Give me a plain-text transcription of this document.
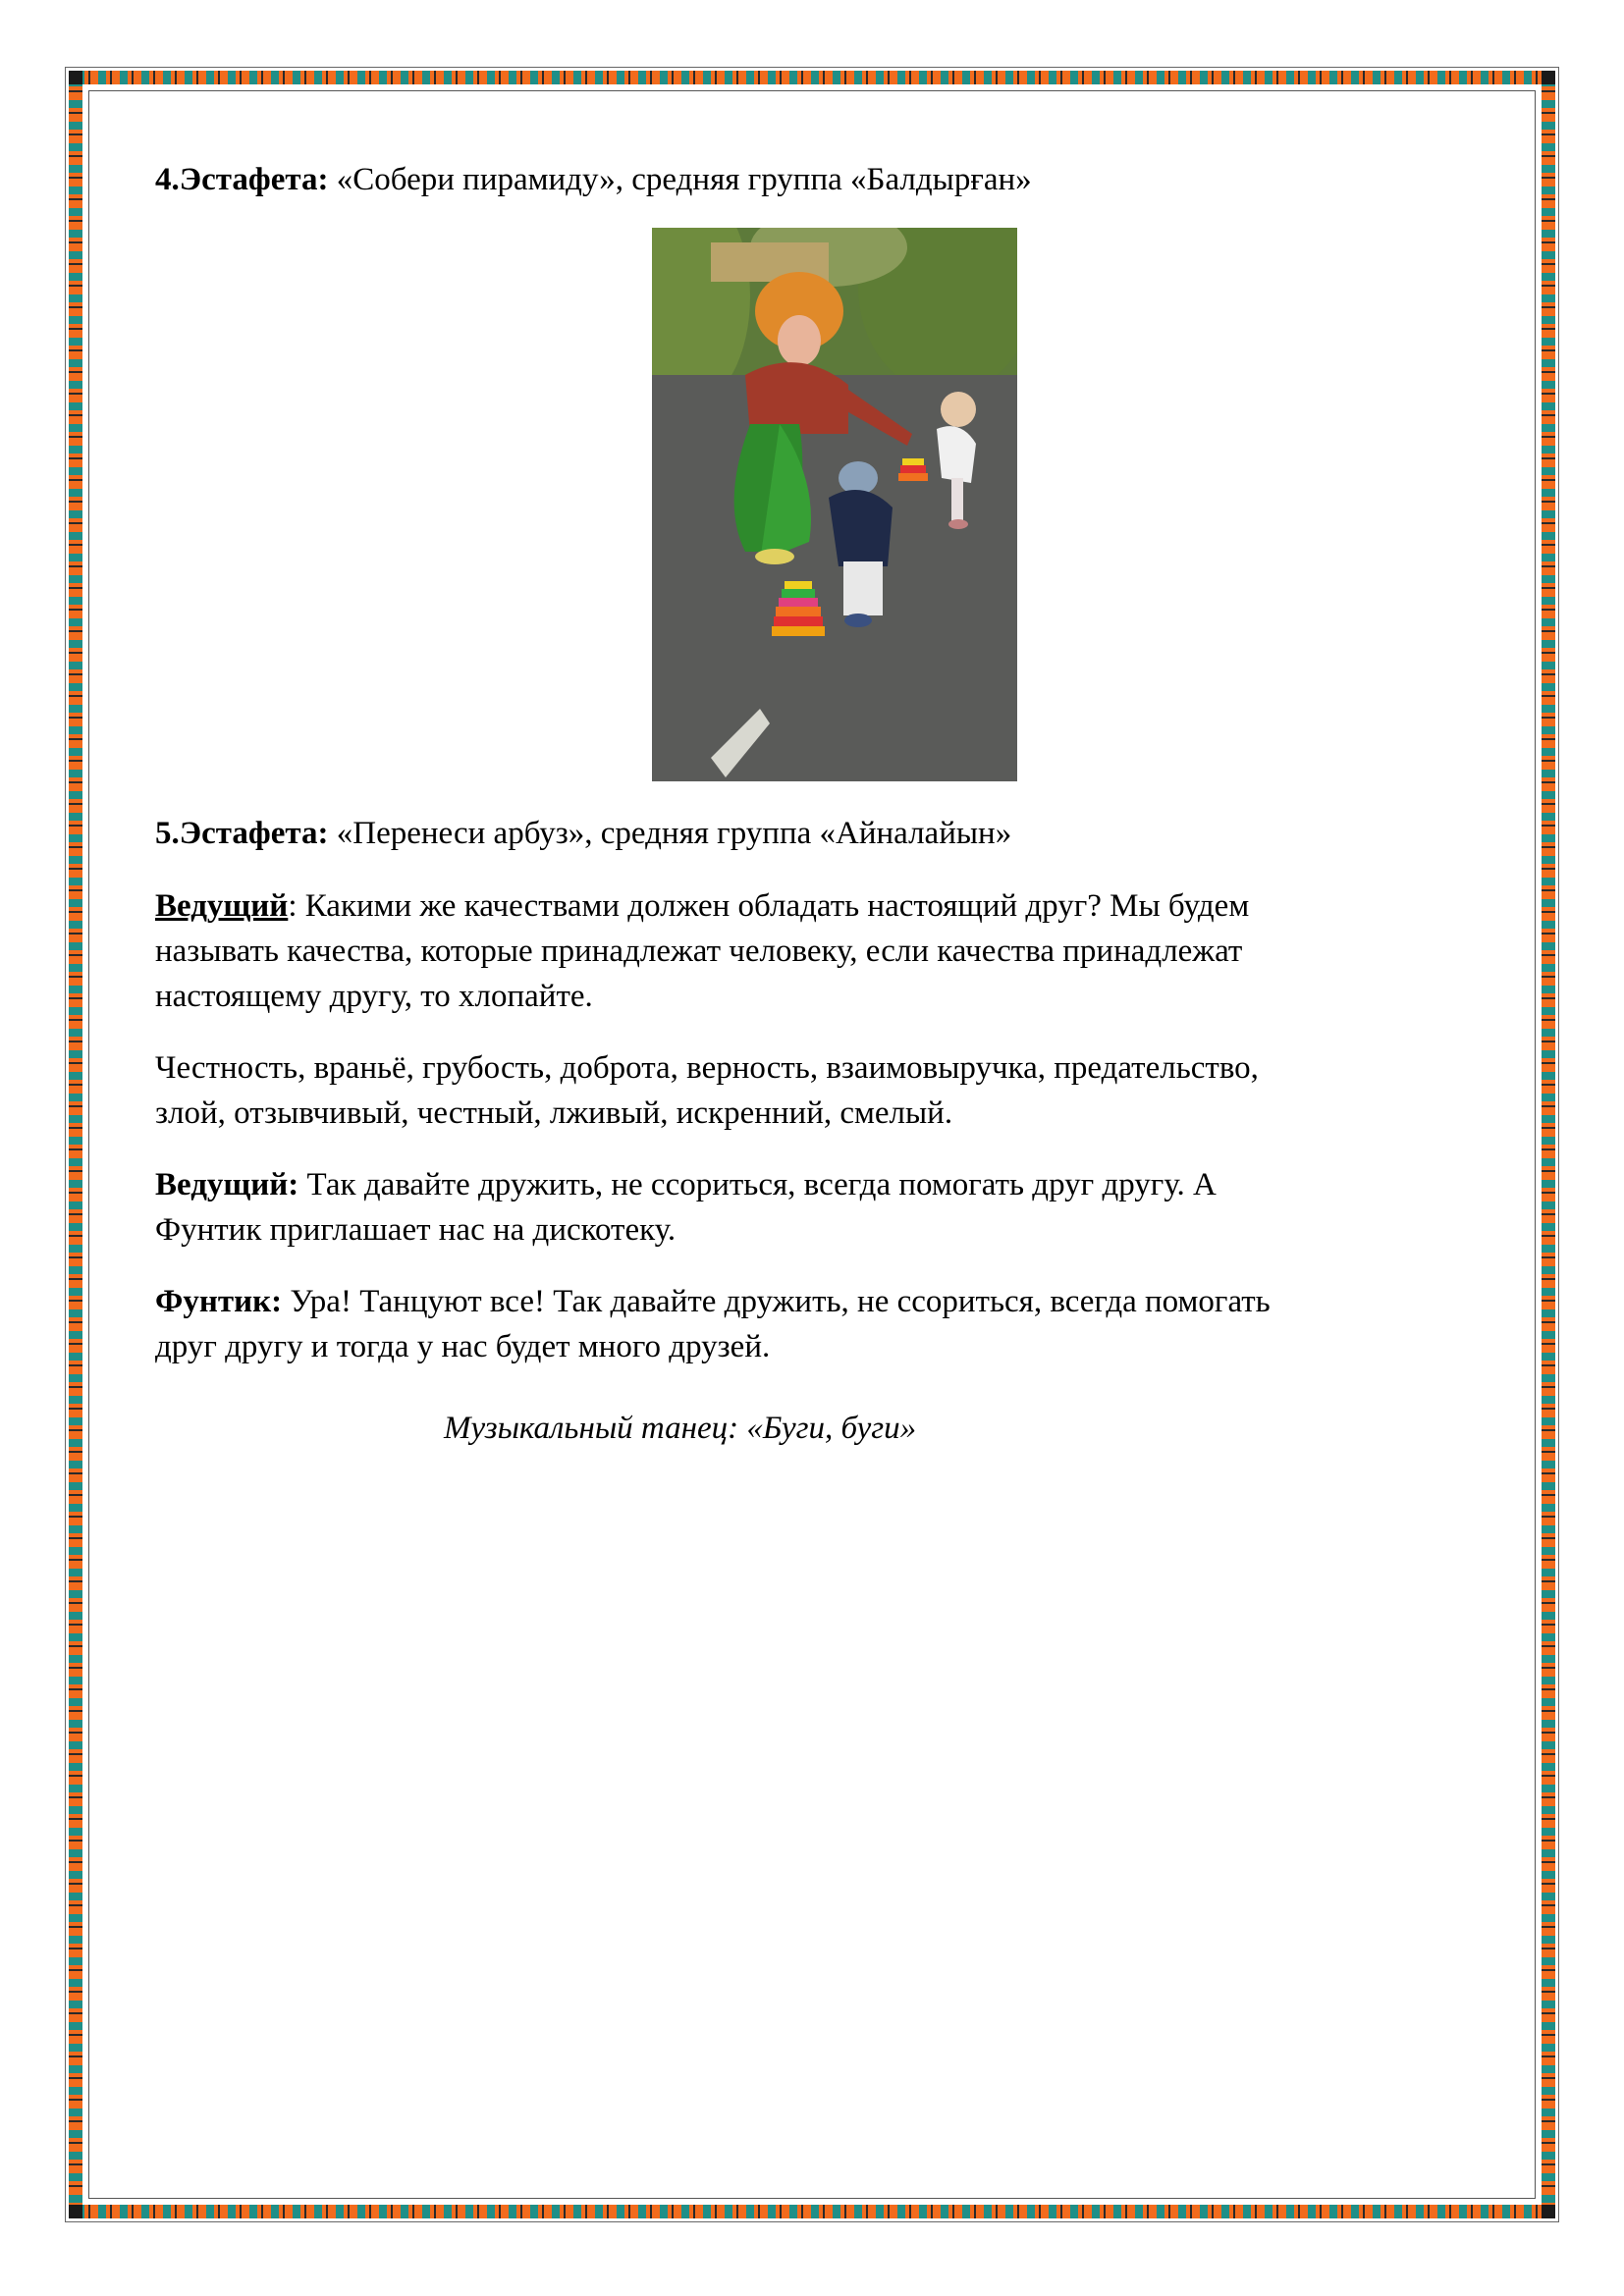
4.Эстафета: «Собери пирамиду», средняя группа «Балдырған»
5.Эстафета: «Перенеси арбуз», средняя группа «Айналайын»
Ведущий: Какими же качествами должен обладать настоящий друг? Мы будем
называть качества, которые принадлежат человеку, если качества принадлежат
настоящему другу, то хлопайте.
Честность, враньё, грубость, доброта, верность, взаимовыручка, предательство,
злой, отзывчивый, честный, лживый, искренний, смелый.
Ведущий: Так давайте дружить, не ссориться, всегда помогать друг другу. А
Фунтик приглашает нас на дискотеку.
Фунтик: Ура! Танцуют все! Так давайте дружить, не ссориться, всегда помогать
друг другу и тогда у нас будет много друзей.
Музыкальный танец: «Буги, буги»
